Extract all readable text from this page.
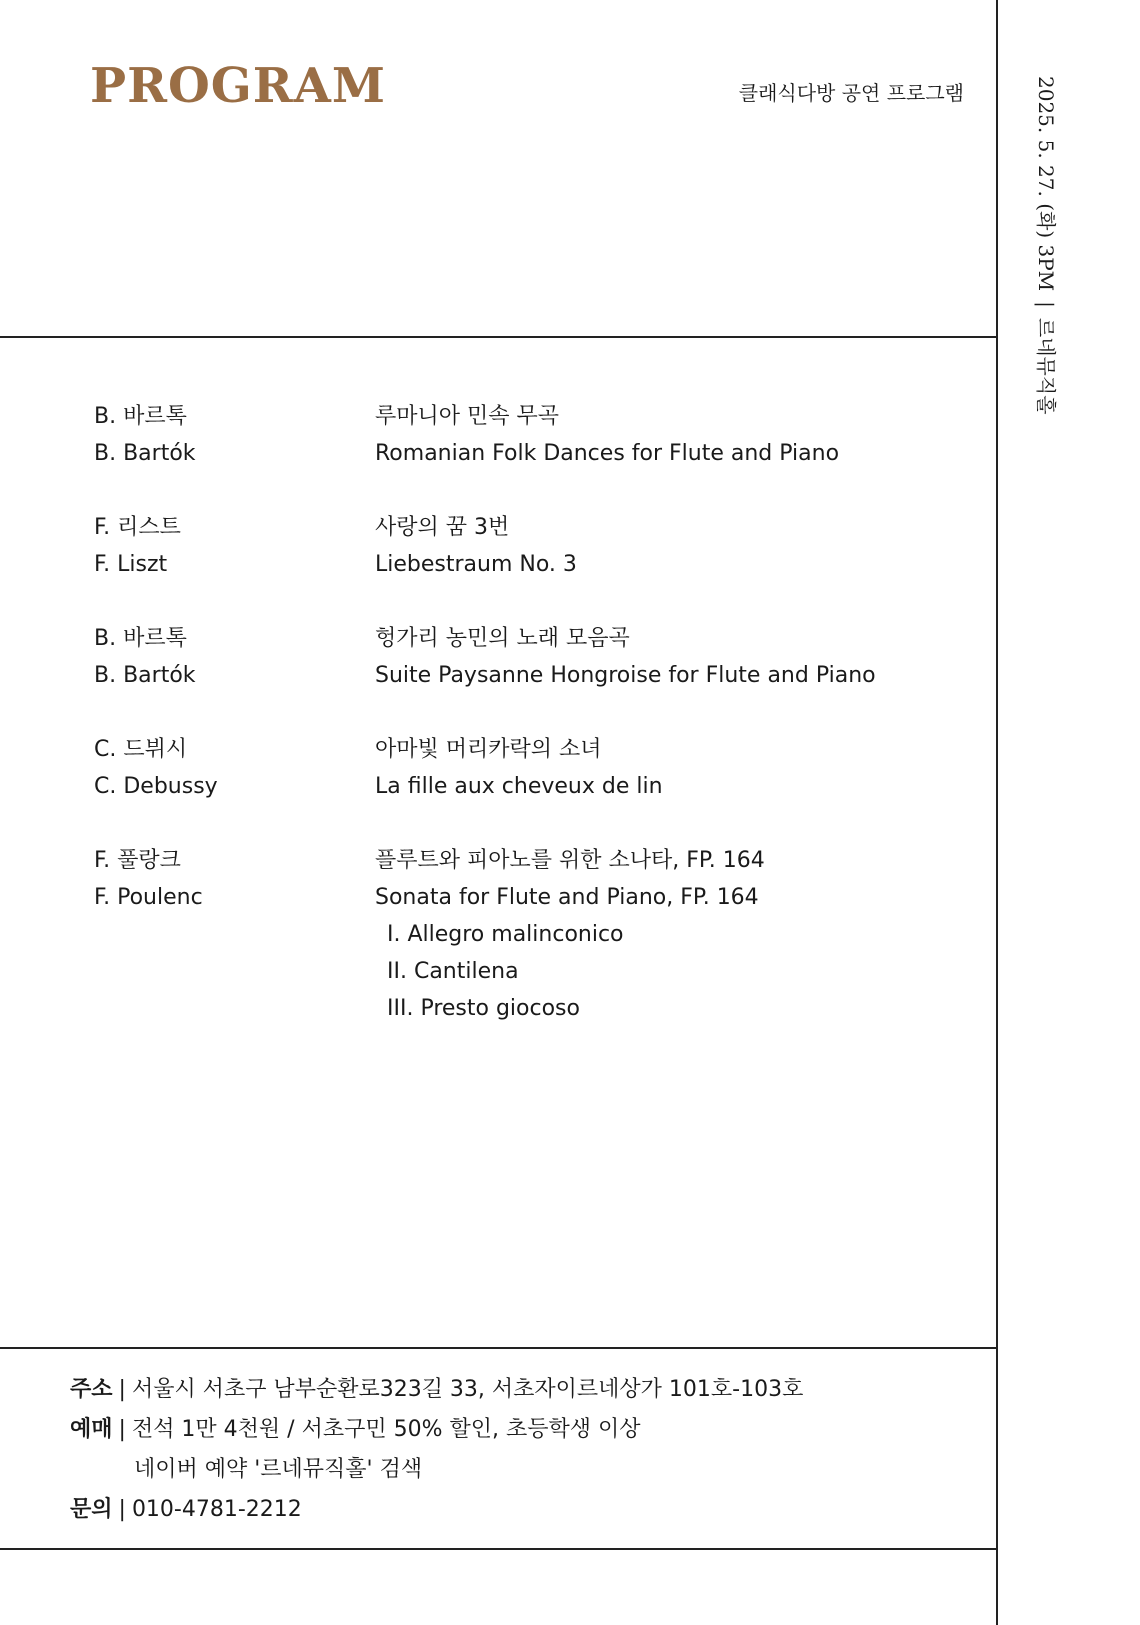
PROGRAM	클래식다방 공연 프로그램	2025. 5. 27. (화) 3PM|르네뮤직홀
B. 바르톡
B. Bartók
루마니아 민속 무곡
Romanian Folk Dances for Flute and Piano
F. 리스트
F. Liszt
사랑의 꿈 3번
Liebestraum No. 3
B. 바르톡
B. Bartók
헝가리 농민의 노래 모음곡
Suite Paysanne Hongroise for Flute and Piano
C. 드뷔시
C. Debussy
아마빛 머리카락의 소녀
La fille aux cheveux de lin
F. 풀랑크
F. Poulenc
플루트와 피아노를 위한 소나타, FP. 164
Sonata for Flute and Piano, FP. 164
I. Allegro malinconico
II. Cantilena
III. Presto giocoso
주소 | 서울시 서초구 남부순환로323길 33, 서초자이르네상가 101호-103호
예매 | 전석 1만 4천원 / 서초구민 50% 할인, 초등학생 이상
네이버 예약 '르네뮤직홀' 검색
문의 | 010-4781-2212
